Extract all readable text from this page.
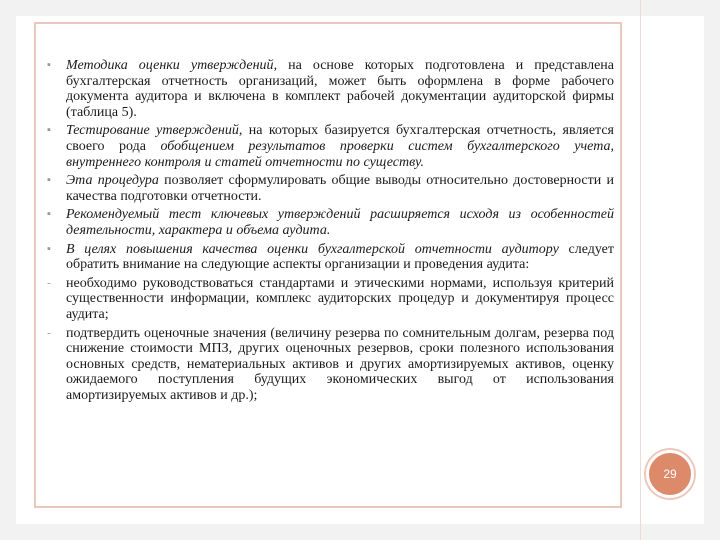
▪ Методика оценки утверждений, на основе которых подготовлена и представлена бухгалтерская отчетность организаций, может быть оформлена в форме рабочего документа аудитора и включена в комплект рабочей документации аудиторской фирмы (таблица 5).
▪ Тестирование утверждений, на которых базируется бухгалтерская отчетность, является своего рода обобщением результатов проверки систем бухгалтерского учета, внутреннего контроля и статей отчетности по существу.
▪ Эта процедура позволяет сформулировать общие выводы относительно достоверности и качества подготовки отчетности.
▪ Рекомендуемый тест ключевых утверждений расширяется исходя из особенностей деятельности, характера и объема аудита.
▪ В целях повышения качества оценки бухгалтерской отчетности аудитору следует обратить внимание на следующие аспекты организации и проведения аудита:
- необходимо руководствоваться стандартами и этическими нормами, используя критерий существенности информации, комплекс аудиторских процедур и документируя процесс аудита;
- подтвердить оценочные значения (величину резерва по сомнительным долгам, резерва под снижение стоимости МПЗ, других оценочных резервов, сроки полезного использования основных средств, нематериальных активов и других амортизируемых активов, оценку ожидаемого поступления будущих экономических выгод от использования амортизируемых активов и др.);
29
